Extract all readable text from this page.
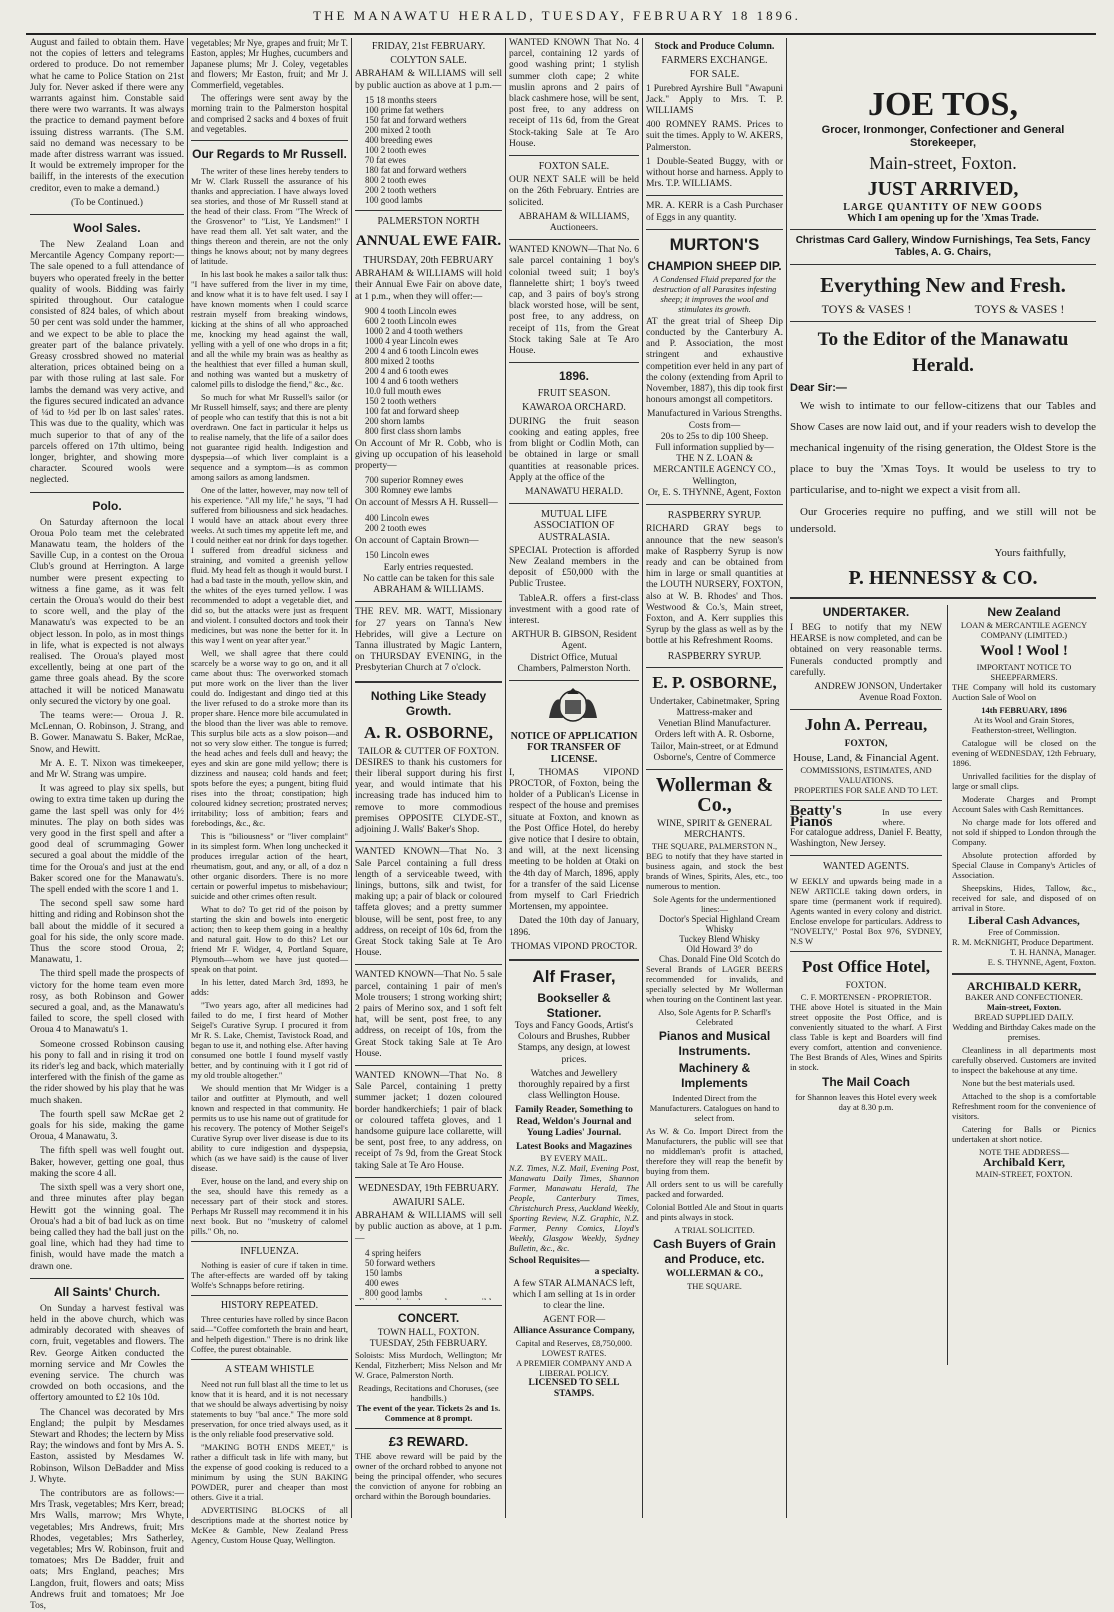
THE MANAWATU HERALD, TUESDAY, FEBRUARY 18 1896.

August and failed to obtain them. Have not the copies of letters and telegrams ordered to produce. Do not remember what he came to Police Station on 21st July for. Never asked if there were any warrants against him. Constable said there were two warrants. It was always the practice to demand payment before issuing distress warrants. (The S.M. said no demand was necessary to be made after distress warrant was issued. It would be extremely improper for the bailiff, in the interests of the execution creditor, even to make a demand.)

(To be Continued.)
Wool Sales.

The New Zealand Loan and Mercantile Agency Company report:—The sale opened to a full attendance of buyers who operated freely in the better quality of wools. Bidding was fairly spirited throughout. Our catalogue consisted of 824 bales, of which about 50 per cent was sold under the hammer, and we expect to be able to place the greater part of the balance privately. Greasy crossbred showed no material alteration, prices obtained being on a par with those ruling at last sale. For lambs the demand was very active, and the figures secured indicated an advance of ¼d to ½d per lb on last sales' rates. This was due to the quality, which was much superior to that of any of the parcels offered on 17th ultimo, being longer, brighter, and showing more character. Scoured wools were neglected.

Polo.

On Saturday afternoon the local Oroua Polo team met the celebrated Manawatu team, the holders of the Saville Cup, in a contest on the Oroua Club's ground at Herrington. A large number were present expecting to witness a fine game, as it was felt certain the Oroua's would do their best to score well, and the play of the Manawatu's was expected to be an object lesson. In polo, as in most things in life, what is expected is not always realised. The Oroua's played most excellently, being at one part of the game three goals ahead. By the score attached it will be noticed Manawatu only secured the victory by one goal.

The teams were:— Oroua J. R. McLennan, O. Robinson, J. Strang, and B. Gower. Manawatu S. Baker, McRae, Snow, and Hewitt.

Mr A. E. T. Nixon was timekeeper, and Mr W. Strang was umpire.

It was agreed to play six spells, but owing to extra time taken up during the game the last spell was only for 4½ minutes. The play on both sides was very good in the first spell and after a good deal of scrummaging Gower secured a goal about the middle of the time for the Oroua's and just at the end Baker scored one for the Manawatu's. The spell ended with the score 1 and 1.

The second spell saw some hard hitting and riding and Robinson shot the ball about the middle of it secured a goal for his side, the only score made. Thus the score stood Oroua, 2; Manawatu, 1.

The third spell made the prospects of victory for the home team even more rosy, as both Robinson and Gower secured a goal, and, as the Manawatu's failed to score, the spell closed with Oroua 4 to Manawatu's 1.

Someone crossed Robinson causing his pony to fall and in rising it trod on its rider's leg and back, which materially interfered with the finish of the game as the rider showed by his play that he was much shaken.

The fourth spell saw McRae get 2 goals for his side, making the game Oroua, 4 Manawatu, 3.

The fifth spell was well fought out. Baker, however, getting one goal, thus making the score 4 all.

The sixth spell was a very short one, and three minutes after play began Hewitt got the winning goal. The Oroua's had a bit of bad luck as on time being called they had the ball just on the goal line, which had they had time to finish, would have made the match a drawn one.

All Saints' Church.

On Sunday a harvest festival was held in the above church, which was admirably decorated with sheaves of corn, fruit, vegetables and flowers. The Rev. George Aitken conducted the morning service and Mr Cowles the evening service. The church was crowded on both occasions, and the offertory amounted to £2 10s 10d.

The Chancel was decorated by Mrs England; the pulpit by Mesdames Stewart and Rhodes; the lectern by Miss Ray; the windows and font by Mrs A. S. Easton, assisted by Mesdames W. Robinson, Wilson DeBadder and Miss J. Whyte.

The contributors are as follows:—Mrs Trask, vegetables; Mrs Kerr, bread; Mrs Walls, marrow; Mrs Whyte, vegetables; Mrs Andrews, fruit; Mrs Rhodes, vegetables; Mrs Satherley, vegetables; Mrs W. Robinson, fruit and tomatoes; Mrs De Badder, fruit and oats; Mrs England, peaches; Mrs Langdon, fruit, flowers and oats; Miss Andrews fruit and tomatoes; Mr Joe Tos,

vegetables; Mr Nye, grapes and fruit; Mr T. Easton, apples; Mr Hughes, cucumbers and Japanese plums; Mr J. Coley, vegetables and flowers; Mr Easton, fruit; and Mr J. Commerfield, vegetables.

The offerings were sent away by the morning train to the Palmerston hospital and comprised 2 sacks and 4 boxes of fruit and vegetables.

Our Regards to Mr Russell.

The writer of these lines hereby tenders to Mr W. Clark Russell the assurance of his thanks and appreciation. I have always loved sea stories, and those of Mr Russell stand at the head of their class. From "The Wreck of the Grosvenor" to "List, Ye Landsmen!" I have read them all. Yet salt water, and the things thereon and therein, are not the only things he knows about; not by many degrees of latitude.

In his last book he makes a sailor talk thus: "I have suffered from the liver in my time, and know what it is to have felt used. I say I have known moments when I could scarce restrain myself from breaking windows, kicking at the shins of all who approached me, knocking my head against the wall, yelling with a yell of one who drops in a fit; and all the while my brain was as healthy as the healthiest that ever filled a human skull, and nothing was wanted but a musketry of calomel pills to dislodge the fiend," &c., &c.

So much for what Mr Russell's sailor (or Mr Russell himself, says; and there are plenty of people who can testify that this is not a bit overdrawn. One fact in particular it helps us to realise namely, that the life of a sailor does not guarantee rigid health. Indigestion and dyspepsia—of which liver complaint is a sequence and a symptom—is as common among sailors as among landsmen.

One of the latter, however, may now tell of his experience. "All my life," he says, "I had suffered from biliousness and sick headaches. I would have an attack about every three weeks. At such times my appetite left me, and I could neither eat nor drink for days together. I suffered from dreadful sickness and straining, and vomited a greenish yellow fluid. My head felt as though it would burst. I had a bad taste in the mouth, yellow skin, and the whites of the eyes turned yellow. I was recommended to adopt a vegetable diet, and did so, but the attacks were just as frequent and violent. I consulted doctors and took their medicines, but was none the better for it. In this way I went on year after year."

Well, we shall agree that there could scarcely be a worse way to go on, and it all came about thus: The overworked stomach put more work on the liver than the liver could do. Indigestant and dingo tied at this the liver refused to do a stroke more than its proper share. Hence more bile accumulated in the blood than the liver was able to remove. This surplus bile acts as a slow poison—and not so very slow either. The tongue is furred; the head aches and feels dull and heavy; the eyes and skin are gone mild yellow; there is dizziness and nausea; cold hands and feet; spots before the eyes; a pungent, biting fluid rises into the throat; constipation; high coloured kidney secretion; prostrated nerves; irritability; loss of ambition; fears and forebodings, &c., &c.

This is "biliousness" or "liver complaint" in its simplest form. When long unchecked it produces irregular action of the heart, rheumatism, gout, and any, or all, of a doz n other organic disorders. There is no more certain or powerful impetus to misbehaviour; suicide and other crimes often result.

What to do? To get rid of the poison by starting the skin and bowels into energetic action; then to keep them going in a healthy and natural gait. How to do this? Let our friend Mr F. Widger, 4, Portland Square, Plymouth—whom we have just quoted—speak on that point.

In his letter, dated March 3rd, 1893, he adds:

"Two years ago, after all medicines had failed to do me, I first heard of Mother Seigel's Curative Syrup. I procured it from Mr R. S. Lake, Chemist, Tavistock Road, and began to use it, and nothing else. After having consumed one bottle I found myself vastly better, and by continuing with it I got rid of my old trouble altogether."

We should mention that Mr Widger is a tailor and outfitter at Plymouth, and well known and respected in that community. He permits us to use his name out of gratitude for his recovery. The potency of Mother Seigel's Curative Syrup over liver disease is due to its ability to cure indigestion and dyspepsia, which (as we have said) is the cause of liver disease.

Ever, house on the land, and every ship on the sea, should have this remedy as a necessary part of their stock and stores. Perhaps Mr Russell may recommend it in his next book. But no "musketry of calomel pills." Oh, no.

INFLUENZA.

Nothing is easier of cure if taken in time. The after-effects are warded off by taking Wolfe's Schnapps before retiring.

HISTORY REPEATED.

Three centuries have rolled by since Bacon said—"Coffee comforteth the brain and heart, and helpeth digestion." There is no drink like Coffee, the purest obtainable.

A STEAM WHISTLE

Need not run full blast all the time to let us know that it is heard, and it is not necessary that we should be always advertising by noisy statements to buy "bal ance." The more sold preservation, for once tried always used, as it is the only reliable food preservative sold.

"MAKING BOTH ENDS MEET," is rather a difficult task in life with many, but the expense of good cooking is reduced to a minimum by using the SUN BAKING POWDER, purer and cheaper than most others. Give it a trial.

ADVERTISING BLOCKS of all descriptions made at the shortest notice by McKee & Gamble, New Zealand Press Agency, Custom House Quay, Wellington.

FRIDAY, 21st FEBRUARY.
COLYTON SALE.

ABRAHAM & WILLIAMS will sell by public auction as above at 1 p.m.—

15 18 months steers
100 prime fat wethers
150 fat and forward wethers
200 mixed 2 tooth
400 breeding ewes
100 2 tooth ewes
70 fat ewes
180 fat and forward wethers
800 2 tooth ewes
200 2 tooth wethers
100 good lambs
PALMERSTON NORTH
ANNUAL EWE FAIR.
THURSDAY, 20th FEBRUARY

ABRAHAM & WILLIAMS will hold their Annual Ewe Fair on above date, at 1 p.m., when they will offer:—

900 4 tooth Lincoln ewes
600 2 tooth Lincoln ewes
1000 2 and 4 tooth wethers
1000 4 year Lincoln ewes
200 4 and 6 tooth Lincoln ewes
800 mixed 2 tooths
200 4 and 6 tooth ewes
100 4 and 6 tooth wethers
10.0 full mouth ewes
150 2 tooth wethers
100 fat and forward sheep
200 shorn lambs
800 first class shorn lambs

On Account of Mr R. Cobb, who is giving up occupation of his leasehold property—

700 superior Romney ewes
300 Romney ewe lambs

On account of Messrs A H. Russell—

400 Lincoln ewes
200 2 tooth ewes

On account of Captain Brown—

150 Lincoln ewes
Early entries requested.
No cattle can be taken for this sale
ABRAHAM & WILLIAMS.

THE REV. MR. WATT, Missionary for 27 years on Tanna's New Hebrides, will give a Lecture on Tanna illustrated by Magic Lantern, on THURSDAY EVENING, in the Presbyterian Church at 7 o'clock.

Nothing Like Steady
Growth.
A. R. OSBORNE,
TAILOR & CUTTER OF FOXTON.

DESIRES to thank his customers for their liberal support during his first year, and would intimate that his increasing trade has induced him to remove to more commodious premises OPPOSITE CLYDE-ST., adjoining J. Walls' Baker's Shop.

WANTED KNOWN—That No. 3 Sale Parcel containing a full dress length of a serviceable tweed, with linings, buttons, silk and twist, for making up; a pair of black or coloured taffeta gloves; and a pretty summer blouse, will be sent, post free, to any address, on receipt of 10s 6d, from the Great Stock taking Sale at Te Aro House.

WANTED KNOWN—That No. 5 sale parcel, containing 1 pair of men's Mole trousers; 1 strong working shirt; 2 pairs of Merino sox, and 1 soft felt hat, will be sent, post free, to any address, on receipt of 10s, from the Great Stock taking Sale at Te Aro House.

WANTED KNOWN—That No. 8 Sale Parcel, containing 1 pretty summer jacket; 1 dozen coloured border handkerchiefs; 1 pair of black or coloured taffeta gloves, and 1 handsome guipure lace collarette, will be sent, post free, to any address, on receipt of 7s 9d, from the Great Stock taking Sale at Te Aro House.

WEDNESDAY, 19th FEBRUARY.
AWAIURI SALE.

ABRAHAM & WILLIAMS will sell by public auction as above, at 1 p.m.—

4 spring heifers
50 forward wethers
150 lambs
400 ewes
800 good lambs

WANTED KNOWN That No. 4 parcel, containing 12 yards of good washing print; 1 stylish summer cloth cape; 2 white muslin aprons and 2 pairs of black cashmere hose, will be sent, post free, to any address on receipt of 11s 6d, from the Great Stock-taking Sale at Te Aro House.

FOXTON SALE.

OUR NEXT SALE will be held on the 26th February. Entries are solicited.

ABRAHAM & WILLIAMS, Auctioneers.

WANTED KNOWN—That No. 6 sale parcel containing 1 boy's colonial tweed suit; 1 boy's flannelette shirt; 1 boy's tweed cap, and 3 pairs of boy's strong black worsted hose, will be sent, post free, to any address, on receipt of 11s, from the Great Stock taking Sale at Te Aro House.

1896.
FRUIT SEASON.
KAWAROA ORCHARD.

DURING the fruit season cooking and eating apples, free from blight or Codlin Moth, can be obtained in large or small quantities at reasonable prices. Apply at the office of the

MANAWATU HERALD.
MUTUAL LIFE ASSOCIATION OF AUSTRALASIA.

SPECIAL Protection is afforded New Zealand members in the deposit of £50,000 with the Public Trustee.

TableA.R. offers a first-class investment with a good rate of interest.

ARTHUR B. GIBSON, Resident Agent.
District Office, Mutual Chambers, Palmerston North.
NOTICE OF APPLICATION FOR TRANSFER OF LICENSE.

I, THOMAS VIPOND PROCTOR, of Foxton, being the holder of a Publican's License in respect of the house and premises situate at Foxton, and known as the Post Office Hotel, do hereby give notice that I desire to obtain, and will, at the next licensing meeting to be holden at Otaki on the 4th day of March, 1896, apply for a transfer of the said License from myself to Carl Friedrich Mortensen, my appointee.

Dated the 10th day of January, 1896.

THOMAS VIPOND PROCTOR.
Alf Fraser,
Bookseller & Stationer.

Toys and Fancy Goods, Artist's Colours and Brushes, Rubber Stamps, any design, at lowest prices.

Watches and Jewellery thoroughly repaired by a first class Wellington House.

Family Reader, Something to Read, Weldon's Journal and Young Ladies' Journal.
Latest Books and Magazines
BY EVERY MAIL.

N.Z. Times, N.Z. Mail, Evening Post, Manawatu Daily Times, Shannon Farmer, Manawatu Herald, The People, Canterbury Times, Christchurch Press, Auckland Weekly, Sporting Review, N.Z. Graphic, N.Z. Farmer, Penny Comics, Lloyd's Weekly, Glasgow Weekly, Sydney Bulletin, &c., &c.

School Requisites—
a specialty.

A few STAR ALMANACS left, which I am selling at 1s in order to clear the line.

AGENT FOR—
Alliance Assurance Company,
Capital and Reserves, £8,750,000. LOWEST RATES.
A PREMIER COMPANY AND A LIBERAL POLICY.
LICENSED TO SELL STAMPS.
CONCERT.
TOWN HALL, FOXTON.
TUESDAY, 25th FEBRUARY.

Soloists: Miss Murdoch, Wellington; Mr Kendal, Fitzherbert; Miss Nelson and Mr W. Grace, Palmerston North.

Readings, Recitations and Choruses, (see handbills.)
The event of the year. Tickets 2s and 1s. Commence at 8 prompt.
£3 REWARD.

THE above reward will be paid by the owner of the orchard robbed to anyone not being the principal offender, who secures the conviction of anyone for robbing an orchard within the Borough boundaries.

Stock and Produce Column.
FARMERS EXCHANGE.
FOR SALE.

1 Purebred Ayrshire Bull "Awapuni Jack." Apply to Mrs. T. P. WILLIAMS

400 ROMNEY RAMS. Prices to suit the times. Apply to W. AKERS, Palmerston.

1 Double-Seated Buggy, with or without horse and harness. Apply to Mrs. T.P. WILLIAMS.

MR. A. KERR is a Cash Purchaser of Eggs in any quantity.

MURTON'S
CHAMPION SHEEP DIP.

A Condensed Fluid prepared for the destruction of all Parasites infesting sheep; it improves the wool and stimulates its growth.

AT the great trial of Sheep Dip conducted by the Canterbury A. and P. Association, the most stringent and exhaustive competition ever held in any part of the colony (extending from April to November, 1887), this dip took first honours amongst all competitors.

Manufactured in Various Strengths.
Costs from—
20s to 25s to dip 100 Sheep.
Full information supplied by—
THE N Z. LOAN & MERCANTILE AGENCY CO.,
Wellington,
Or, E. S. THYNNE, Agent, Foxton
RASPBERRY SYRUP.

RICHARD GRAY begs to announce that the new season's make of Raspberry Syrup is now ready and can be obtained from him in large or small quantities at the LOUTH NURSERY, FOXTON, also at W. B. Rhodes' and Thos. Westwood & Co.'s, Main street, Foxton, and A. Kerr supplies this Syrup by the glass as well as by the bottle at his Refreshment Rooms.

RASPBERRY SYRUP.
E. P. OSBORNE,
Undertaker, Cabinetmaker, Spring
Mattress-maker and
Venetian Blind Manufacturer.

Orders left with A. R. Osborne, Tailor, Main-street, or at Edmund Osborne's, Centre of Commerce

Wollerman & Co.,
WINE, SPIRIT & GENERAL MERCHANTS.
THE SQUARE, PALMERSTON N.,

BEG to notify that they have started in business again, and stock the best brands of Wines, Spirits, Ales, etc., too numerous to mention.

Sole Agents for the undermentioned lines:—
Doctor's Special Highland Cream Whisky
Tuckey Blend Whisky
Old Howard 3° do
Chas. Donald Fine Old Scotch do

Several Brands of LAGER BEERS recommended for invalids, and specially selected by Mr Wollerman when touring on the Continent last year.

Also, Sole Agents for P. Scharfl's Celebrated
Pianos and Musical Instruments.
Machinery & Implements

Indented Direct from the Manufacturers. Catalogues on hand to select from.

As W. & Co. Import Direct from the Manufacturers, the public will see that no middleman's profit is attached, therefore they will reap the benefit by buying from them.

All orders sent to us will be carefully packed and forwarded.

Colonial Bottled Ale and Stout in quarts and pints always in stock.

A TRIAL SOLICITED.
Cash Buyers of Grain and Produce, etc.
WOLLERMAN & CO.,
THE SQUARE.
JOE TOS,
Grocer, Ironmonger, Confectioner and General Storekeeper,
Main-street, Foxton.
JUST ARRIVED,
LARGE QUANTITY OF NEW GOODS
Which I am opening up for the 'Xmas Trade.
Christmas Card Gallery, Window Furnishings, Tea Sets, Fancy Tables, A. G. Chairs,
Everything New and Fresh.
TOYS & VASES !	TOYS & VASES !
To the Editor of the Manawatu
Herald.
Dear Sir:—

We wish to intimate to our fellow-citizens that our Tables and Show Cases are now laid out, and if your readers wish to develop the mechanical ingenuity of the rising generation, the Oldest Store is the place to buy the 'Xmas Toys. It would be useless to try to particularise, and to-night we expect a visit from all.

Our Groceries require no puffing, and we still will not be undersold.

Yours faithfully,
P. HENNESSY & CO.
UNDERTAKER.

I BEG to notify that my NEW HEARSE is now completed, and can be obtained on very reasonable terms. Funerals conducted promptly and carefully.

ANDREW JONSON, Undertaker Avenue Road Foxton.
John A. Perreau,
FOXTON,
House, Land, & Financial Agent.
COMMISSIONS, ESTIMATES, AND VALUATIONS.
PROPERTIES FOR SALE AND TO LET.
Beatty's Pianos
In use every where.

For catalogue address, Daniel F. Beatty, Washington, New Jersey.

WANTED AGENTS.

W EEKLY and upwards being made in a NEW ARTICLE taking down orders, in spare time (permanent work if required). Agents wanted in every colony and district. Enclose envelope for particulars. Address to "NOVELTY," Postal Box 976, SYDNEY, N.S W

Post Office Hotel,
FOXTON.
C. F. MORTENSEN - PROPRIETOR.

THE above Hotel is situated in the Main street opposite the Post Office, and is conveniently situated to the wharf. A First class Table is kept and Boarders will find every comfort, attention and convenience. The Best Brands of Ales, Wines and Spirits in stock.

The Mail Coach

for Shannon leaves this Hotel every week day at 8.30 p.m.

New Zealand
LOAN & MERCANTILE AGENCY COMPANY (LIMITED.)
Wool ! Wool !
IMPORTANT NOTICE TO SHEEPFARMERS.

THE Company will hold its customary Auction Sale of Wool on

14th FEBRUARY, 1896

At its Wool and Grain Stores, Featherston-street, Wellington.

Catalogue will be closed on the evening of WEDNESDAY, 12th February, 1896.

Unrivalled facilities for the display of large or small clips.

Moderate Charges and Prompt Account Sales with Cash Remittances.

No charge made for lots offered and not sold if shipped to London through the Company.

Absolute protection afforded by Special Clause in Company's Articles of Association.

Sheepskins, Hides, Tallow, &c., received for sale, and disposed of on arrival in Store.

Liberal Cash Advances,
Free of Commission.
R. M. McKNIGHT, Produce Department.
T. H. HANNA, Manager.
E. S. THYNNE, Agent, Foxton.
ARCHIBALD KERR,
BAKER AND CONFECTIONER.
Main-street, Foxton.
BREAD SUPPLIED DAILY.

Wedding and Birthday Cakes made on the premises.

Cleanliness in all departments most carefully observed. Customers are invited to inspect the bakehouse at any time.

None but the best materials used.

Attached to the shop is a comfortable Refreshment room for the convenience of visitors.

Catering for Balls or Picnics undertaken at short notice.

NOTE THE ADDRESS—
Archibald Kerr,
MAIN-STREET, FOXTON.
